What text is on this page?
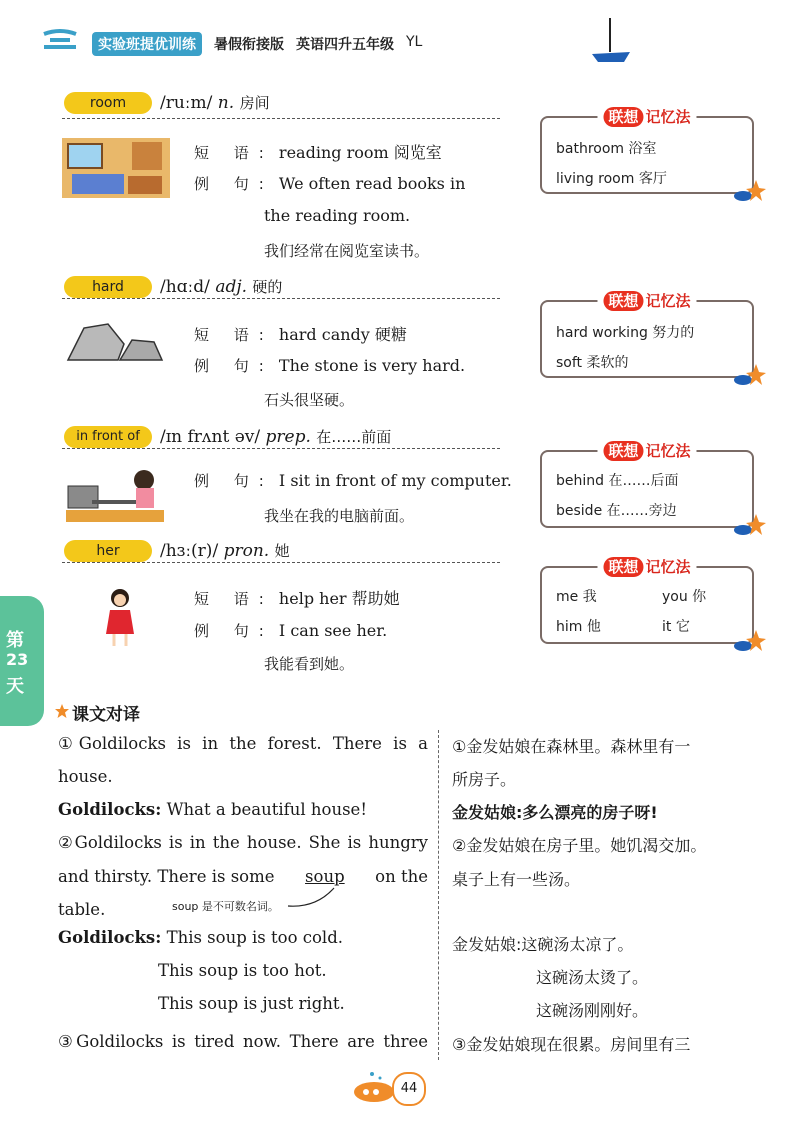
实验班提优训练	暑假衔接版 英语四升五年级 YL
room	/ruːm/ n. 房间
短 语: reading room 阅览室
例 句: We often read books in
the reading room.
我们经常在阅览室读书。
联想 记忆法
bathroom 浴室
living room 客厅
hard	/hɑːd/ adj. 硬的
短 语: hard candy 硬糖
例 句: The stone is very hard.
石头很坚硬。
联想 记忆法
hard working 努力的
soft 柔软的
in front of	/ɪn frʌnt əv/ prep. 在……前面
例 句: I sit in front of my computer.
我坐在我的电脑前面。
联想 记忆法
behind 在……后面
beside 在……旁边
her	/hɜː(r)/ pron. 她
短 语: help her 帮助她
例 句: I can see her.
我能看到她。
联想 记忆法
me 我	you 你
him 他	it 它
第
23
天
课文对译
①Goldilocks is in the forest. There is a
house.
Goldilocks: What a beautiful house!
②Goldilocks is in the house. She is hungry
and thirsty. There is some soup on the
table.	soup 是不可数名词。
Goldilocks: This soup is too cold.
This soup is too hot.
This soup is just right.
③Goldilocks is tired now. There are three
①金发姑娘在森林里。森林里有一
所房子。
金发姑娘:多么漂亮的房子呀!
②金发姑娘在房子里。她饥渴交加。
桌子上有一些汤。
金发姑娘:这碗汤太凉了。
这碗汤太烫了。
这碗汤刚刚好。
③金发姑娘现在很累。房间里有三
44
